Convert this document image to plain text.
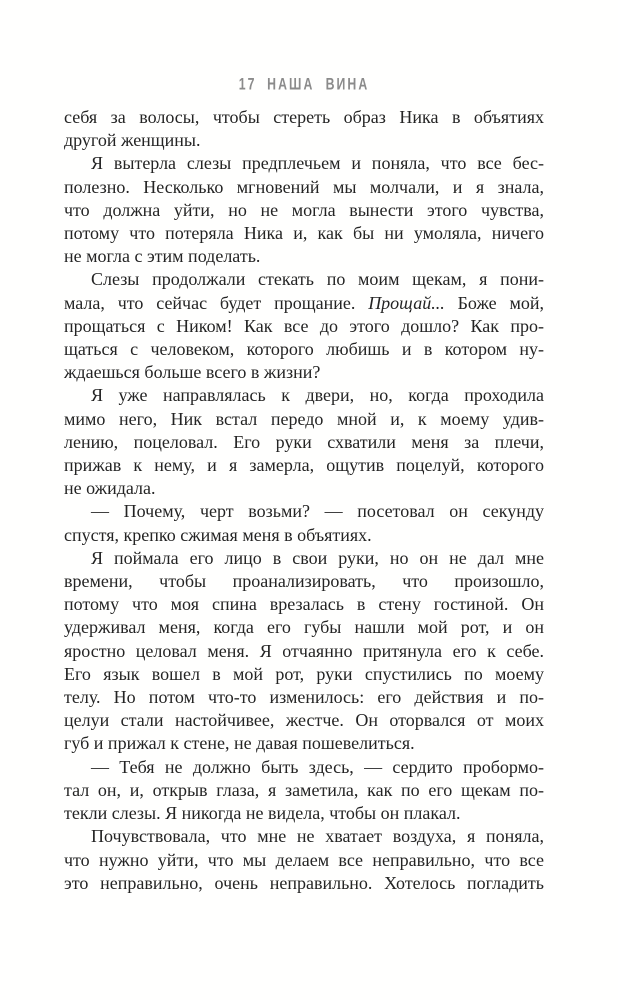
17 НАША ВИНА
себя за волосы, чтобы стереть образ Ника в объятиях
другой женщины.
Я вытерла слезы предплечьем и поняла, что все бес-
полезно. Несколько мгновений мы молчали, и я знала,
что должна уйти, но не могла вынести этого чувства,
потому что потеряла Ника и, как бы ни умоляла, ничего
не могла с этим поделать.
Слезы продолжали стекать по моим щекам, я пони-
мала, что сейчас будет прощание. Прощай... Боже мой,
прощаться с Ником! Как все до этого дошло? Как про-
щаться с человеком, которого любишь и в котором ну-
ждаешься больше всего в жизни?
Я уже направлялась к двери, но, когда проходила
мимо него, Ник встал передо мной и, к моему удив-
лению, поцеловал. Его руки схватили меня за плечи,
прижав к нему, и я замерла, ощутив поцелуй, которого
не ожидала.
— Почему, черт возьми? — посетовал он секунду
спустя, крепко сжимая меня в объятиях.
Я поймала его лицо в свои руки, но он не дал мне
времени, чтобы проанализировать, что произошло,
потому что моя спина врезалась в стену гостиной. Он
удерживал меня, когда его губы нашли мой рот, и он
яростно целовал меня. Я отчаянно притянула его к себе.
Его язык вошел в мой рот, руки спустились по моему
телу. Но потом что-то изменилось: его действия и по-
целуи стали настойчивее, жестче. Он оторвался от моих
губ и прижал к стене, не давая пошевелиться.
— Тебя не должно быть здесь, — сердито пробормо-
тал он, и, открыв глаза, я заметила, как по его щекам по-
текли слезы. Я никогда не видела, чтобы он плакал.
Почувствовала, что мне не хватает воздуха, я поняла,
что нужно уйти, что мы делаем все неправильно, что все
это неправильно, очень неправильно. Хотелось погладить
